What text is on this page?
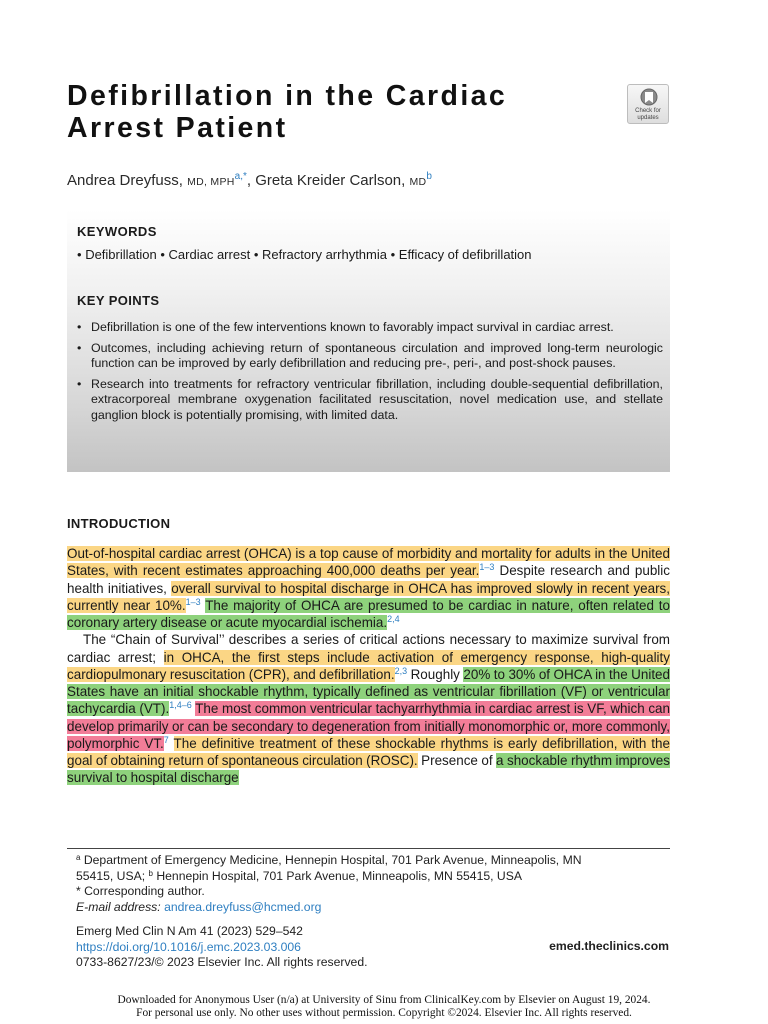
Defibrillation in the Cardiac
Arrest Patient
Check for
updates
Andrea Dreyfuss, MD, $MPH^{a,*}$, Greta Kreider Carlson, $MD^b$
KEYWORDS
• Defibrillation • Cardiac arrest • Refractory arrhythmia • Efficacy of defibrillation
KEY POINTS
• Defibrillation is one of the few interventions known to favorably impact survival in cardiac arrest.
• Outcomes, including achieving return of spontaneous circulation and improved long-term neurologic function can be improved by early defibrillation and reducing pre-, peri-, and post-shock pauses.
• Research into treatments for refractory ventricular fibrillation, including double-sequential defibrillation, extracorporeal membrane oxygenation facilitated resuscitation, novel medication use, and stellate ganglion block is potentially promising, with limited data.
INTRODUCTION

Out-of-hospital cardiac arrest (OHCA) is a top cause of morbidity and mortality for adults in the United States, with recent estimates approaching 400,000 deaths per year.$^{1-3}$ Despite research and public health initiatives, overall survival to hospital discharge in OHCA has improved slowly in recent years, currently near 10%.$^{1-3}$ The majority of OHCA are presumed to be cardiac in nature, often related to coronary artery disease or acute myocardial ischemia.$^{2,4}$

The “Chain of Survival’’ describes a series of critical actions necessary to maximize survival from cardiac arrest; in OHCA, the first steps include activation of emergency response, high-quality cardiopulmonary resuscitation (CPR), and defibrillation.$^{2,3}$ Roughly 20% to 30% of OHCA in the United States have an initial shockable rhythm, typically defined as ventricular fibrillation (VF) or ventricular tachycardia (VT).$^{1,4-6}$ The most common ventricular tachyarrhythmia in cardiac arrest is VF, which can develop primarily or can be secondary to degeneration from initially monomorphic or, more commonly, polymorphic VT.$^7$ The definitive treatment of these shockable rhythms is early defibrillation, with the goal of obtaining return of spontaneous circulation (ROSC). Presence of a shockable rhythm improves survival to hospital discharge

$^a$ Department of Emergency Medicine, Hennepin Hospital, 701 Park Avenue, Minneapolis, MN
55415, USA; $^b$ Hennepin Hospital, 701 Park Avenue, Minneapolis, MN 55415, USA
* Corresponding author.
E-mail address: andrea.dreyfuss@hcmed.org
Emerg Med Clin N Am 41 (2023) 529–542
https://doi.org/10.1016/j.emc.2023.03.006
0733-8627/23/© 2023 Elsevier Inc. All rights reserved.
emed.theclinics.com
Downloaded for Anonymous User (n/a) at University of Sinu from ClinicalKey.com by Elsevier on August 19, 2024.
For personal use only. No other uses without permission. Copyright ©2024. Elsevier Inc. All rights reserved.
